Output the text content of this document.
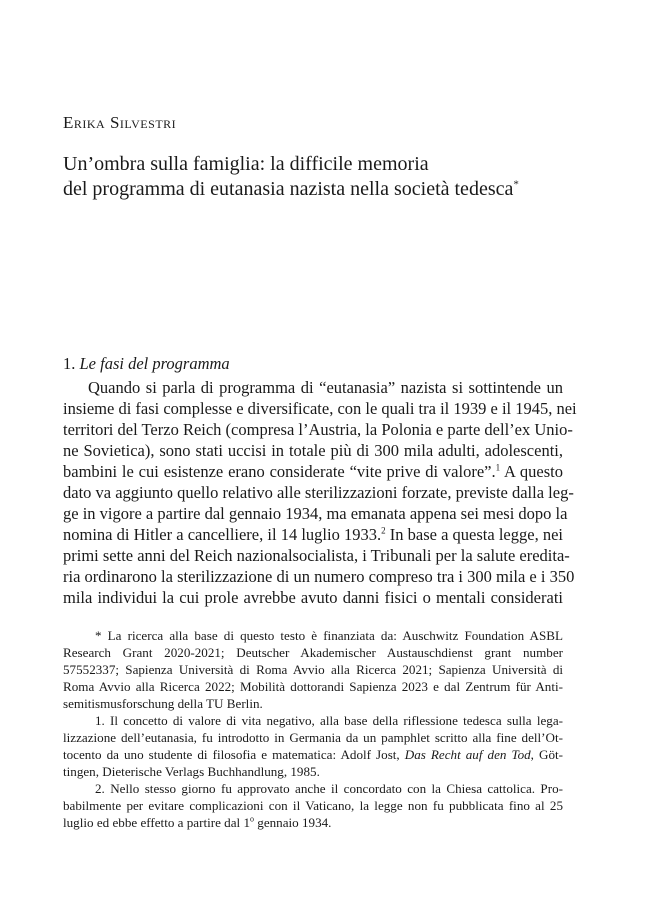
Erika Silvestri
Un’ombra sulla famiglia: la difficile memoria
del programma di eutanasia nazista nella società tedesca*
1. Le fasi del programma
Quando si parla di programma di “eutanasia” nazista si sottintende un
insieme di fasi complesse e diversificate, con le quali tra il 1939 e il 1945, nei
territori del Terzo Reich (compresa l’Austria, la Polonia e parte dell’ex Unio-
ne Sovietica), sono stati uccisi in totale più di 300 mila adulti, adolescenti,
bambini le cui esistenze erano considerate “vite prive di valore”.$^1$ A questo
dato va aggiunto quello relativo alle sterilizzazioni forzate, previste dalla leg-
ge in vigore a partire dal gennaio 1934, ma emanata appena sei mesi dopo la
nomina di Hitler a cancelliere, il 14 luglio 1933.$^2$ In base a questa legge, nei
primi sette anni del Reich nazionalsocialista, i Tribunali per la salute eredita-
ria ordinarono la sterilizzazione di un numero compreso tra i 300 mila e i 350
mila individui la cui prole avrebbe avuto danni fisici o mentali considerati
* La ricerca alla base di questo testo è finanziata da: Auschwitz Foundation ASBL
Research Grant 2020-2021; Deutscher Akademischer Austauschdienst grant number
57552337; Sapienza Università di Roma Avvio alla Ricerca 2021; Sapienza Università di
Roma Avvio alla Ricerca 2022; Mobilità dottorandi Sapienza 2023 e dal Zentrum für Anti-
semitismusforschung della TU Berlin.
1. Il concetto di valore di vita negativo, alla base della riflessione tedesca sulla lega-
lizzazione dell’eutanasia, fu introdotto in Germania da un pamphlet scritto alla fine dell’Ot-
tocento da uno studente di filosofia e matematica: Adolf Jost, Das Recht auf den Tod, Göt-
tingen, Dieterische Verlags Buchhandlung, 1985.
2. Nello stesso giorno fu approvato anche il concordato con la Chiesa cattolica. Pro-
babilmente per evitare complicazioni con il Vaticano, la legge non fu pubblicata fino al 25
luglio ed ebbe effetto a partire dal 1$^o$ gennaio 1934.
